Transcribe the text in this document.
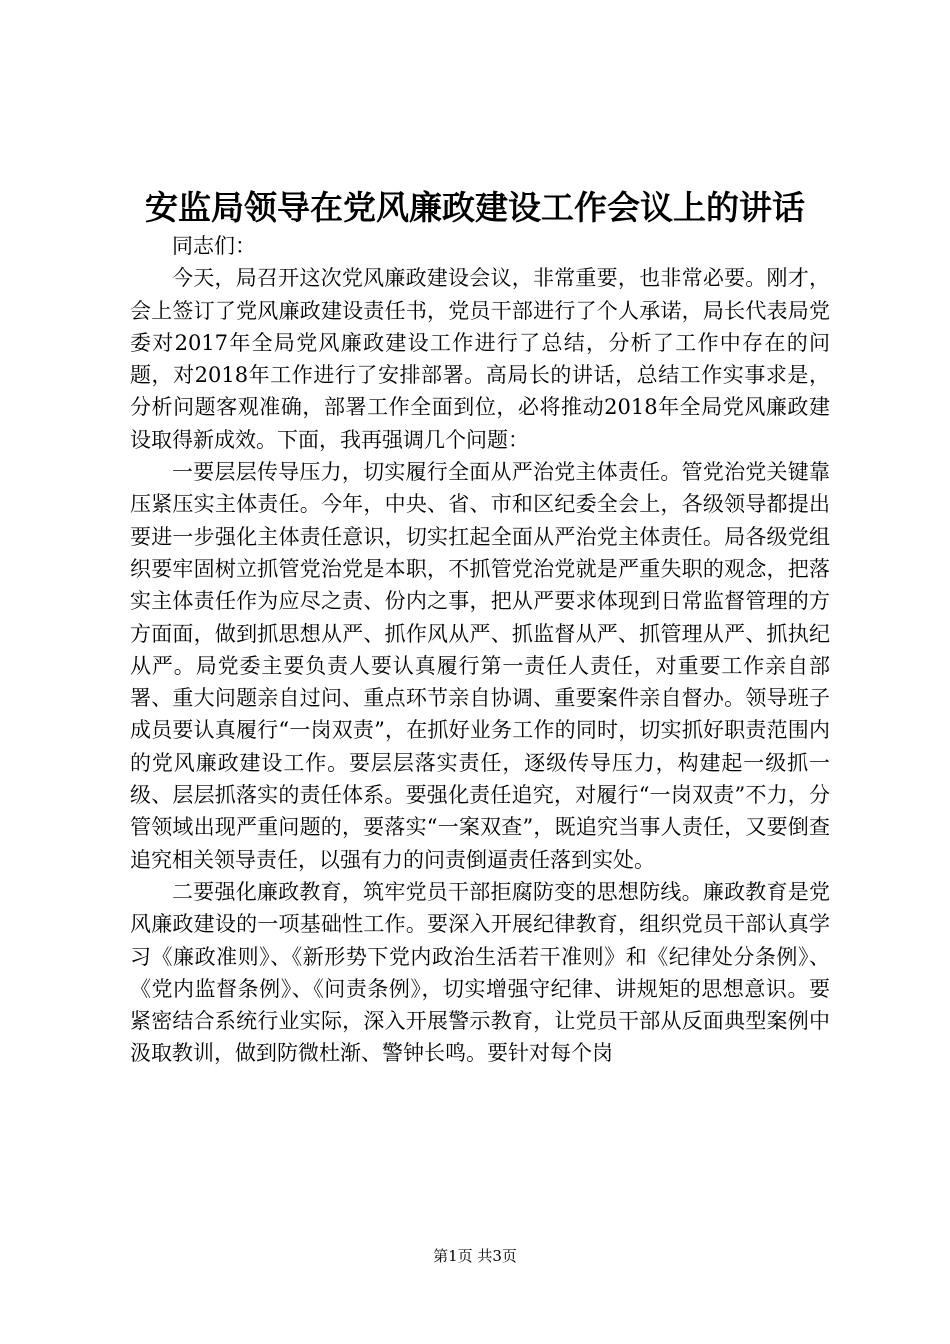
安监局领导在党风廉政建设工作会议上的讲话

同志们：

今天，局召开这次党风廉政建设会议，非常重要，也非常必要。刚才，会上签订了党风廉政建设责任书，党员干部进行了个人承诺，局长代表局党委对2017年全局党风廉政建设工作进行了总结，分析了工作中存在的问题，对2018年工作进行了安排部署。高局长的讲话，总结工作实事求是，分析问题客观准确，部署工作全面到位，必将推动2018年全局党风廉政建设取得新成效。下面，我再强调几个问题：

一要层层传导压力，切实履行全面从严治党主体责任。管党治党关键靠压紧压实主体责任。今年，中央、省、市和区纪委全会上，各级领导都提出要进一步强化主体责任意识，切实扛起全面从严治党主体责任。局各级党组织要牢固树立抓管党治党是本职，不抓管党治党就是严重失职的观念，把落实主体责任作为应尽之责、份内之事，把从严要求体现到日常监督管理的方方面面，做到抓思想从严、抓作风从严、抓监督从严、抓管理从严、抓执纪从严。局党委主要负责人要认真履行第一责任人责任，对重要工作亲自部署、重大问题亲自过问、重点环节亲自协调、重要案件亲自督办。领导班子成员要认真履行“一岗双责”，在抓好业务工作的同时，切实抓好职责范围内的党风廉政建设工作。要层层落实责任，逐级传导压力，构建起一级抓一级、层层抓落实的责任体系。要强化责任追究，对履行“一岗双责”不力，分管领域出现严重问题的，要落实“一案双查”，既追究当事人责任，又要倒查追究相关领导责任，以强有力的问责倒逼责任落到实处。

二要强化廉政教育，筑牢党员干部拒腐防变的思想防线。廉政教育是党风廉政建设的一项基础性工作。要深入开展纪律教育，组织党员干部认真学习《廉政准则》、《新形势下党内政治生活若干准则》和《纪律处分条例》、《党内监督条例》、《问责条例》，切实增强守纪律、讲规矩的思想意识。要紧密结合系统行业实际，深入开展警示教育，让党员干部从反面典型案例中汲取教训，做到防微杜渐、警钟长鸣。要针对每个岗

第1页 共3页
